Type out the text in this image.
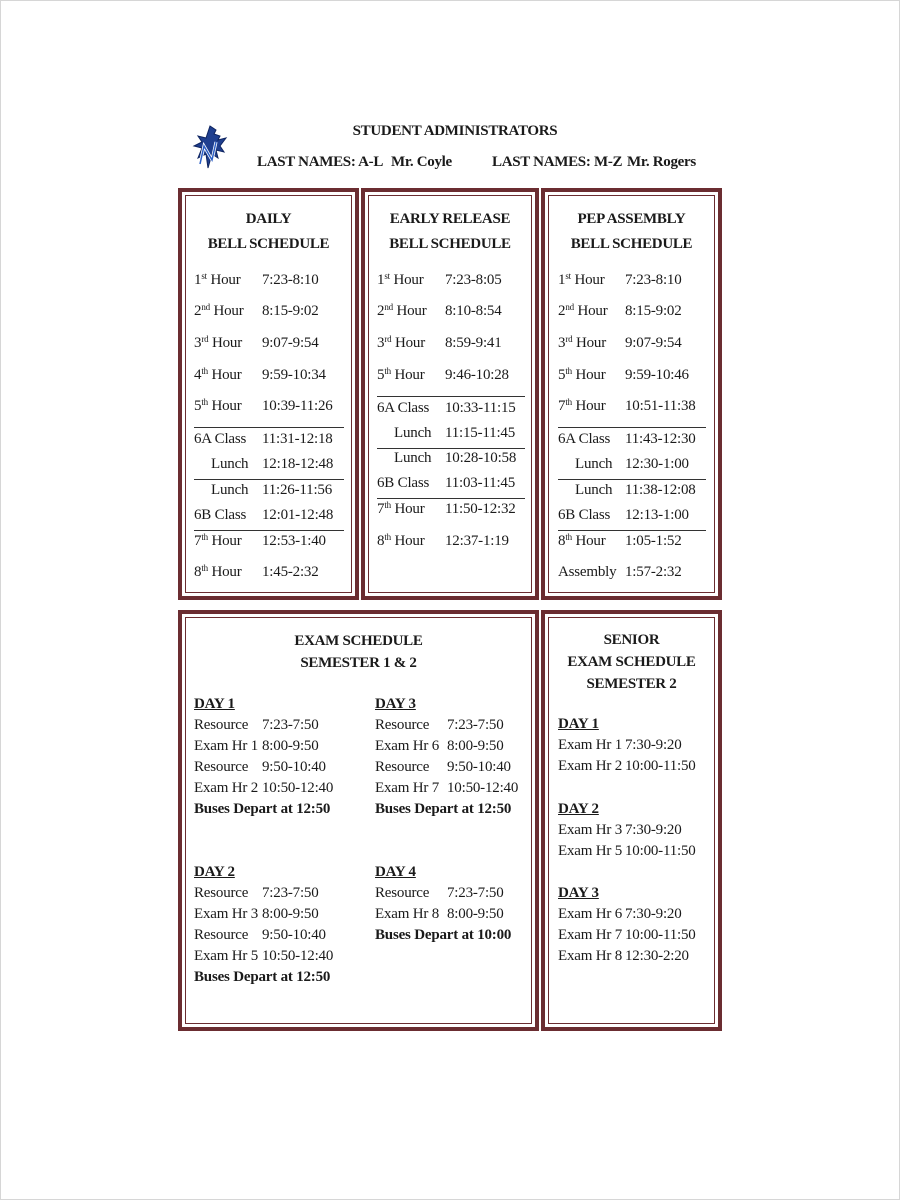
STUDENT ADMINISTRATORS
LAST NAMES: A-L Mr. Coyle	LAST NAMES: M-Z Mr. Rogers
DAILY
BELL SCHEDULE
1st Hour 7:23-8:10
2nd Hour 8:15-9:02
3rd Hour 9:07-9:54
4th Hour 9:59-10:34
5th Hour 10:39-11:26
6A Class 11:31-12:18
Lunch 12:18-12:48
Lunch 11:26-11:56
6B Class 12:01-12:48
7th Hour 12:53-1:40
8th Hour 1:45-2:32
EARLY RELEASE
BELL SCHEDULE
1st Hour 7:23-8:05
2nd Hour 8:10-8:54
3rd Hour 8:59-9:41
5th Hour 9:46-10:28
6A Class 10:33-11:15
Lunch 11:15-11:45
Lunch 10:28-10:58
6B Class 11:03-11:45
7th Hour 11:50-12:32
8th Hour 12:37-1:19
PEP ASSEMBLY
BELL SCHEDULE
1st Hour 7:23-8:10
2nd Hour 8:15-9:02
3rd Hour 9:07-9:54
5th Hour 9:59-10:46
7th Hour 10:51-11:38
6A Class 11:43-12:30
Lunch 12:30-1:00
Lunch 11:38-12:08
6B Class 12:13-1:00
8th Hour 1:05-1:52
Assembly 1:57-2:32
EXAM SCHEDULE
SEMESTER 1 & 2
DAY 1
Resource 7:23-7:50
Exam Hr 1 8:00-9:50
Resource 9:50-10:40
Exam Hr 2 10:50-12:40
Buses Depart at 12:50
DAY 3
Resource 7:23-7:50
Exam Hr 6 8:00-9:50
Resource 9:50-10:40
Exam Hr 7 10:50-12:40
Buses Depart at 12:50
DAY 2
Resource 7:23-7:50
Exam Hr 3 8:00-9:50
Resource 9:50-10:40
Exam Hr 5 10:50-12:40
Buses Depart at 12:50
DAY 4
Resource 7:23-7:50
Exam Hr 8 8:00-9:50
Buses Depart at 10:00
SENIOR
EXAM SCHEDULE
SEMESTER 2
DAY 1
Exam Hr 1 7:30-9:20
Exam Hr 2 10:00-11:50
DAY 2
Exam Hr 3 7:30-9:20
Exam Hr 5 10:00-11:50
DAY 3
Exam Hr 6 7:30-9:20
Exam Hr 7 10:00-11:50
Exam Hr 8 12:30-2:20
